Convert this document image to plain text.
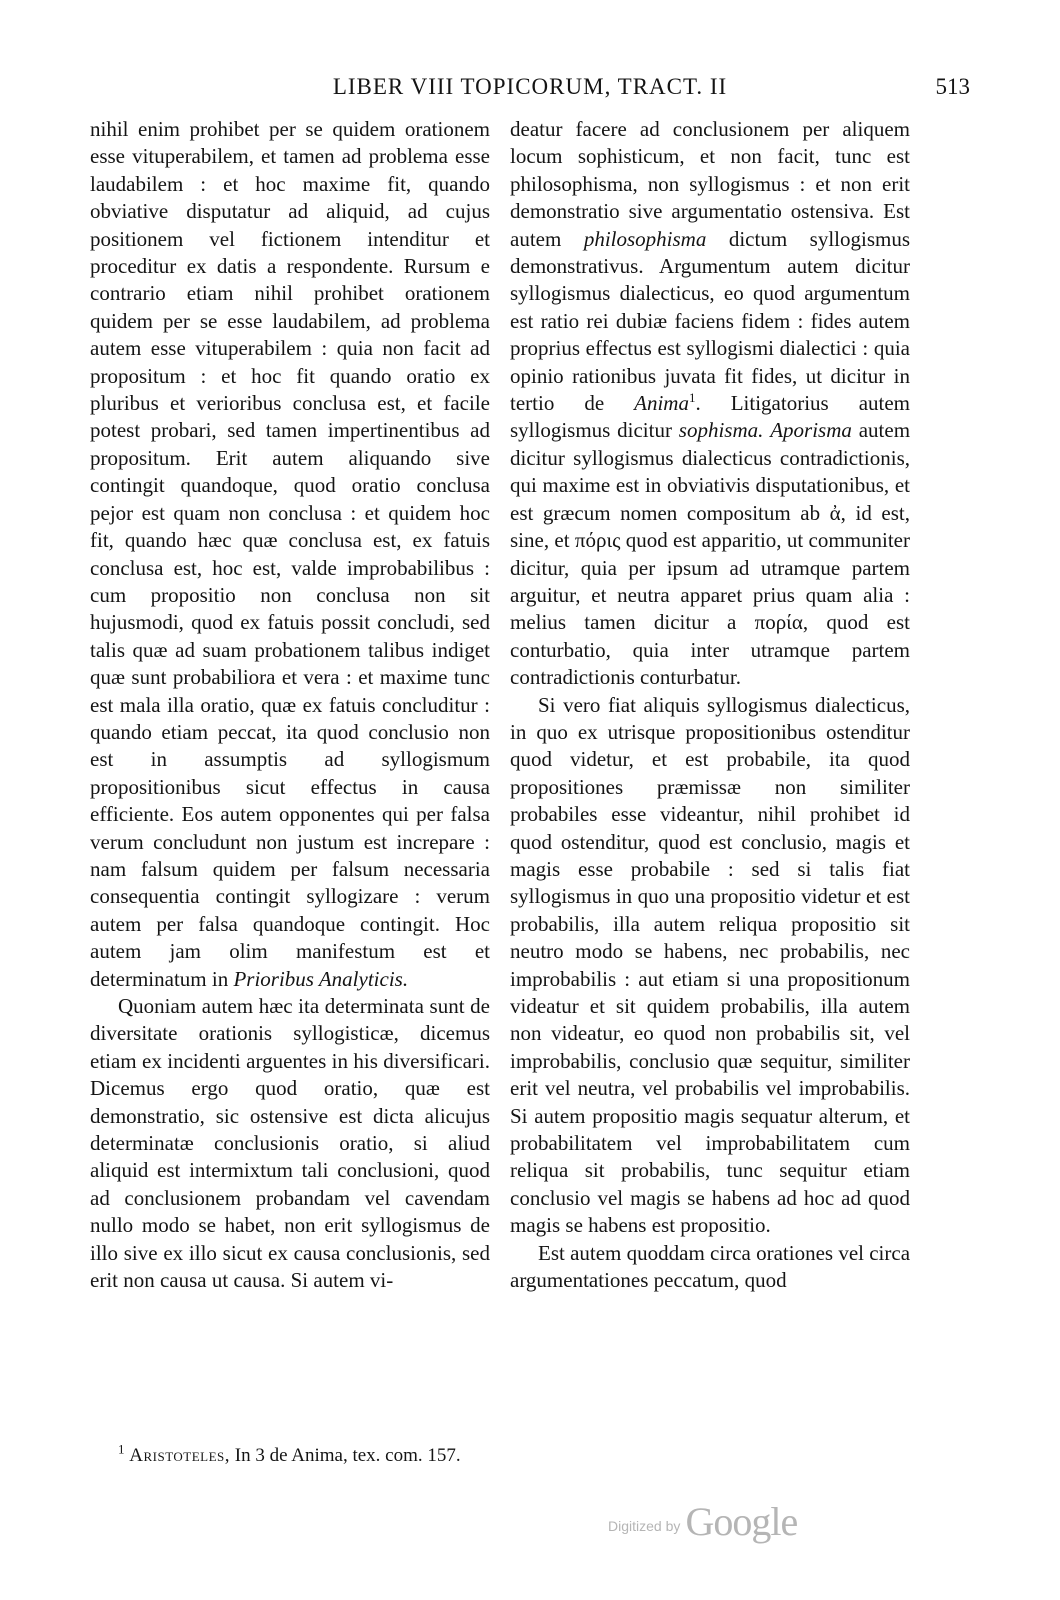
LIBER VIII TOPICORUM, TRACT. II	513

nihil enim prohibet per se quidem orationem esse vituperabilem, et tamen ad problema esse laudabilem : et hoc maxime fit, quando obviative disputatur ad aliquid, ad cujus positionem vel fictionem intenditur et proceditur ex datis a respondente. Rursum e contrario etiam nihil prohibet orationem quidem per se esse laudabilem, ad problema autem esse vituperabilem : quia non facit ad propositum : et hoc fit quando oratio ex pluribus et verioribus conclusa est, et facile potest probari, sed tamen impertinentibus ad propositum. Erit autem aliquando sive contingit quandoque, quod oratio conclusa pejor est quam non conclusa : et quidem hoc fit, quando hæc quæ conclusa est, ex fatuis conclusa est, hoc est, valde improbabilibus : cum propositio non conclusa non sit hujusmodi, quod ex fatuis possit concludi, sed talis quæ ad suam probationem talibus indiget quæ sunt probabiliora et vera : et maxime tunc est mala illa oratio, quæ ex fatuis concluditur : quando etiam peccat, ita quod conclusio non est in assumptis ad syllogismum propositionibus sicut effectus in causa efficiente. Eos autem opponentes qui per falsa verum concludunt non justum est increpare : nam falsum quidem per falsum necessaria consequentia contingit syllogizare : verum autem per falsa quandoque contingit. Hoc autem jam olim manifestum est et determinatum in Prioribus Analyticis.

Quoniam autem hæc ita determinata sunt de diversitate orationis syllogisticæ, dicemus etiam ex incidenti arguentes in his diversificari. Dicemus ergo quod oratio, quæ est demonstratio, sic ostensive est dicta alicujus determinatæ conclusionis oratio, si aliud aliquid est intermixtum tali conclusioni, quod ad conclusionem probandam vel cavendam nullo modo se habet, non erit syllogismus de illo sive ex illo sicut ex causa conclusionis, sed erit non causa ut causa. Si autem vi-

deatur facere ad conclusionem per aliquem locum sophisticum, et non facit, tunc est philosophisma, non syllogismus : et non erit demonstratio sive argumentatio ostensiva. Est autem philosophisma dictum syllogismus demonstrativus. Argumentum autem dicitur syllogismus dialecticus, eo quod argumentum est ratio rei dubiæ faciens fidem : fides autem proprius effectus est syllogismi dialectici : quia opinio rationibus juvata fit fides, ut dicitur in tertio de Anima$^1$. Litigatorius autem syllogismus dicitur sophisma. Aporisma autem dicitur syllogismus dialecticus contradictionis, qui maxime est in obviativis disputationibus, et est græcum nomen compositum ab ἀ, id est, sine, et πόρις quod est apparitio, ut communiter dicitur, quia per ipsum ad utramque partem arguitur, et neutra apparet prius quam alia : melius tamen dicitur a πορία, quod est conturbatio, quia inter utramque partem contradictionis conturbatur.

Si vero fiat aliquis syllogismus dialecticus, in quo ex utrisque propositionibus ostenditur quod videtur, et est probabile, ita quod propositiones præmissæ non similiter probabiles esse videantur, nihil prohibet id quod ostenditur, quod est conclusio, magis et magis esse probabile : sed si talis fiat syllogismus in quo una propositio videtur et est probabilis, illa autem reliqua propositio sit neutro modo se habens, nec probabilis, nec improbabilis : aut etiam si una propositionum videatur et sit quidem probabilis, illa autem non videatur, eo quod non probabilis sit, vel improbabilis, conclusio quæ sequitur, similiter erit vel neutra, vel probabilis vel improbabilis. Si autem propositio magis sequatur alterum, et probabilitatem vel improbabilitatem cum reliqua sit probabilis, tunc sequitur etiam conclusio vel magis se habens ad hoc ad quod magis se habens est propositio.

Est autem quoddam circa orationes vel circa argumentationes peccatum, quod

$^1$ Aristoteles, In 3 de Anima, tex. com. 157.
Digitized by Google
